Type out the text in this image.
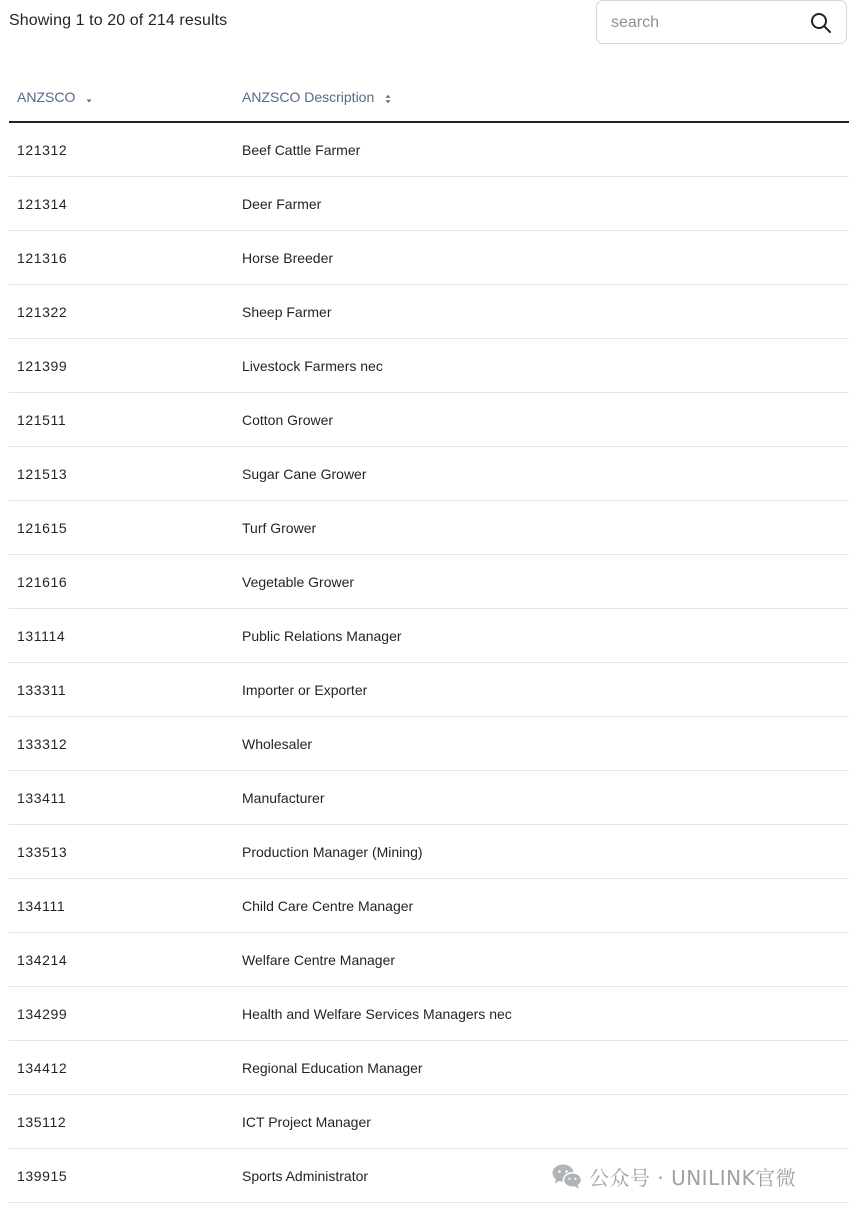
Showing 1 to 20 of 214 results
search
ANZSCO	ANZSCO Description
121312	Beef Cattle Farmer
121314	Deer Farmer
121316	Horse Breeder
121322	Sheep Farmer
121399	Livestock Farmers nec
121511	Cotton Grower
121513	Sugar Cane Grower
121615	Turf Grower
121616	Vegetable Grower
131114	Public Relations Manager
133311	Importer or Exporter
133312	Wholesaler
133411	Manufacturer
133513	Production Manager (Mining)
134111	Child Care Centre Manager
134214	Welfare Centre Manager
134299	Health and Welfare Services Managers nec
134412	Regional Education Manager
135112	ICT Project Manager
139915	Sports Administrator	公众号 · UNILINK官微
